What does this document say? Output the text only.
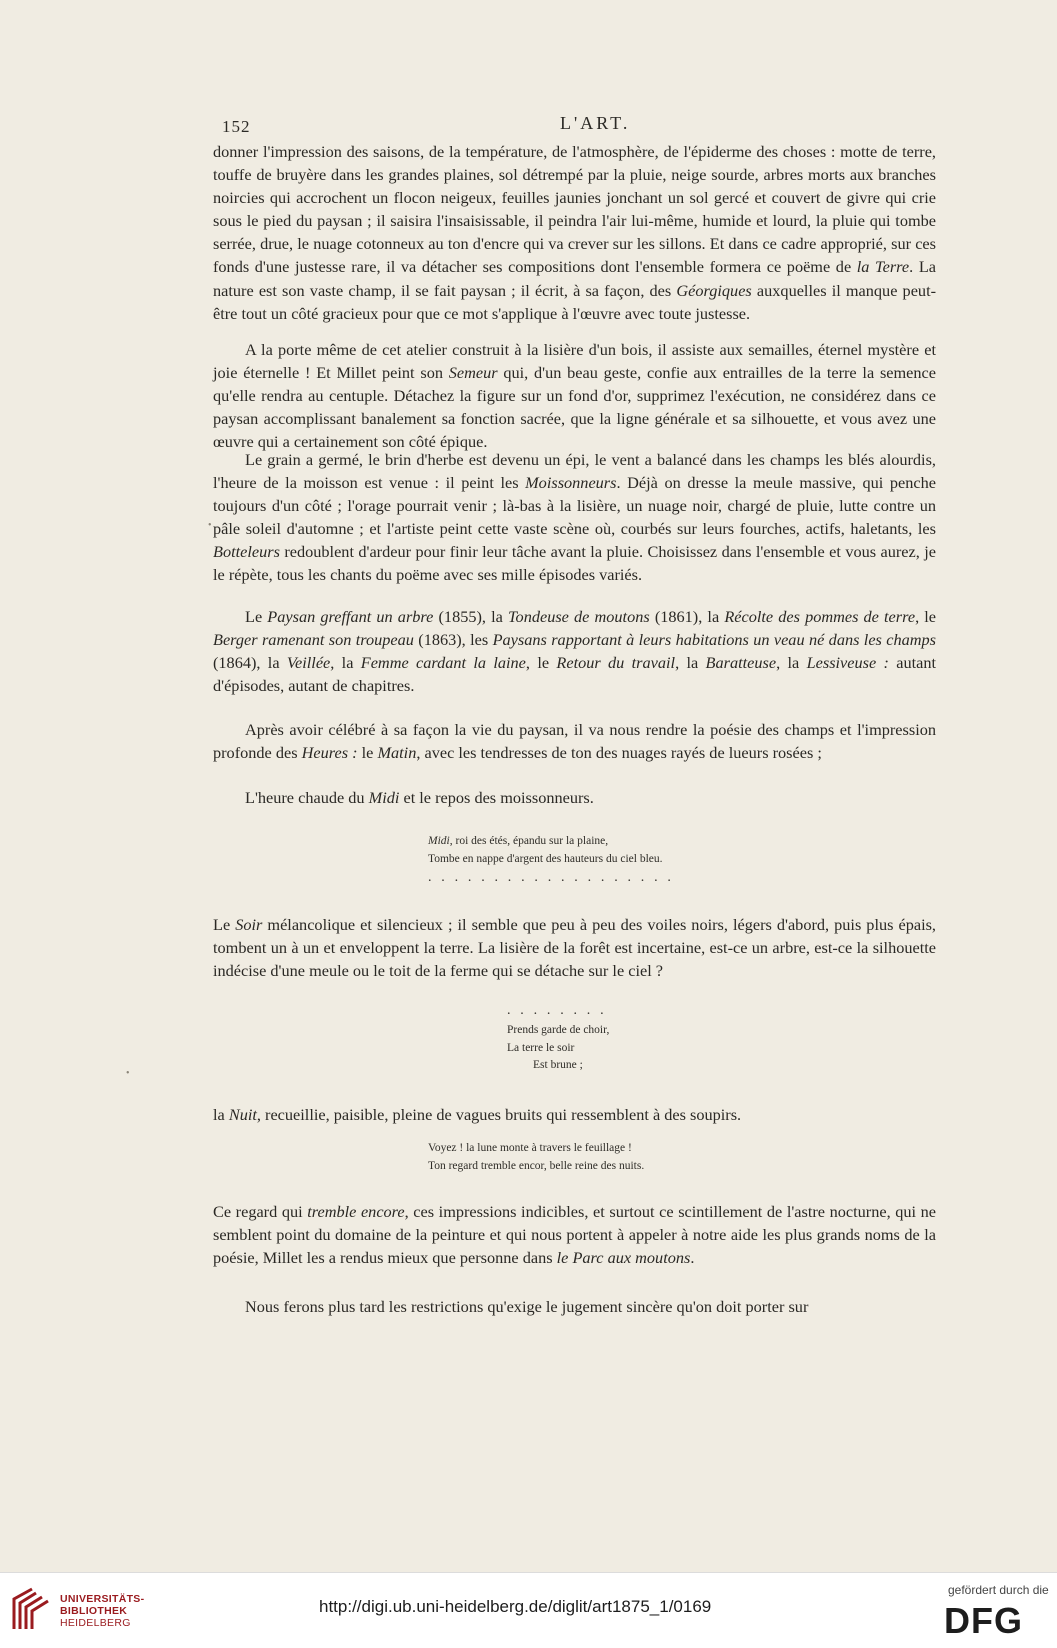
152	L'ART.

donner l'impression des saisons, de la température, de l'atmosphère, de l'épiderme des choses : motte de terre, touffe de bruyère dans les grandes plaines, sol détrempé par la pluie, neige sourde, arbres morts aux branches noircies qui accrochent un flocon neigeux, feuilles jaunies jonchant un sol gercé et couvert de givre qui crie sous le pied du paysan ; il saisira l'insaisissable, il peindra l'air lui-même, humide et lourd, la pluie qui tombe serrée, drue, le nuage cotonneux au ton d'encre qui va crever sur les sillons. Et dans ce cadre approprié, sur ces fonds d'une justesse rare, il va détacher ses compositions dont l'ensemble formera ce poëme de la Terre. La nature est son vaste champ, il se fait paysan ; il écrit, à sa façon, des Géorgiques auxquelles il manque peut-être tout un côté gracieux pour que ce mot s'applique à l'œuvre avec toute justesse.

A la porte même de cet atelier construit à la lisière d'un bois, il assiste aux semailles, éternel mystère et joie éternelle ! Et Millet peint son Semeur qui, d'un beau geste, confie aux entrailles de la terre la semence qu'elle rendra au centuple. Détachez la figure sur un fond d'or, supprimez l'exécution, ne considérez dans ce paysan accomplissant banalement sa fonction sacrée, que la ligne générale et sa silhouette, et vous avez une œuvre qui a certainement son côté épique.

Le grain a germé, le brin d'herbe est devenu un épi, le vent a balancé dans les champs les blés alourdis, l'heure de la moisson est venue : il peint les Moissonneurs. Déjà on dresse la meule massive, qui penche toujours d'un côté ; l'orage pourrait venir ; là-bas à la lisière, un nuage noir, chargé de pluie, lutte contre un pâle soleil d'automne ; et l'artiste peint cette vaste scène où, courbés sur leurs fourches, actifs, haletants, les Botteleurs redoublent d'ardeur pour finir leur tâche avant la pluie. Choisissez dans l'ensemble et vous aurez, je le répète, tous les chants du poëme avec ses mille épisodes variés.

Le Paysan greffant un arbre (1855), la Tondeuse de moutons (1861), la Récolte des pommes de terre, le Berger ramenant son troupeau (1863), les Paysans rapportant à leurs habitations un veau né dans les champs (1864), la Veillée, la Femme cardant la laine, le Retour du travail, la Baratteuse, la Lessiveuse : autant d'épisodes, autant de chapitres.

Après avoir célébré à sa façon la vie du paysan, il va nous rendre la poésie des champs et l'impression profonde des Heures : le Matin, avec les tendresses de ton des nuages rayés de lueurs rosées ;

L'heure chaude du Midi et le repos des moissonneurs.

Midi, roi des étés, épandu sur la plaine,
Tombe en nappe d'argent des hauteurs du ciel bleu.
...................

Le Soir mélancolique et silencieux ; il semble que peu à peu des voiles noirs, légers d'abord, puis plus épais, tombent un à un et enveloppent la terre. La lisière de la forêt est incertaine, est-ce un arbre, est-ce la silhouette indécise d'une meule ou le toit de la ferme qui se détache sur le ciel ?

........
Prends garde de choir,
La terre le soir
Est brune ;

la Nuit, recueillie, paisible, pleine de vagues bruits qui ressemblent à des soupirs.

Voyez ! la lune monte à travers le feuillage !
Ton regard tremble encor, belle reine des nuits.

Ce regard qui tremble encore, ces impressions indicibles, et surtout ce scintillement de l'astre nocturne, qui ne semblent point du domaine de la peinture et qui nous portent à appeler à notre aide les plus grands noms de la poésie, Millet les a rendus mieux que personne dans le Parc aux moutons.

Nous ferons plus tard les restrictions qu'exige le jugement sincère qu'on doit porter sur

•
•
UNIVERSITÄTS-
BIBLIOTHEK
HEIDELBERG
http://digi.ub.uni-heidelberg.de/diglit/art1875_1/0169
gefördert durch die
DFG
